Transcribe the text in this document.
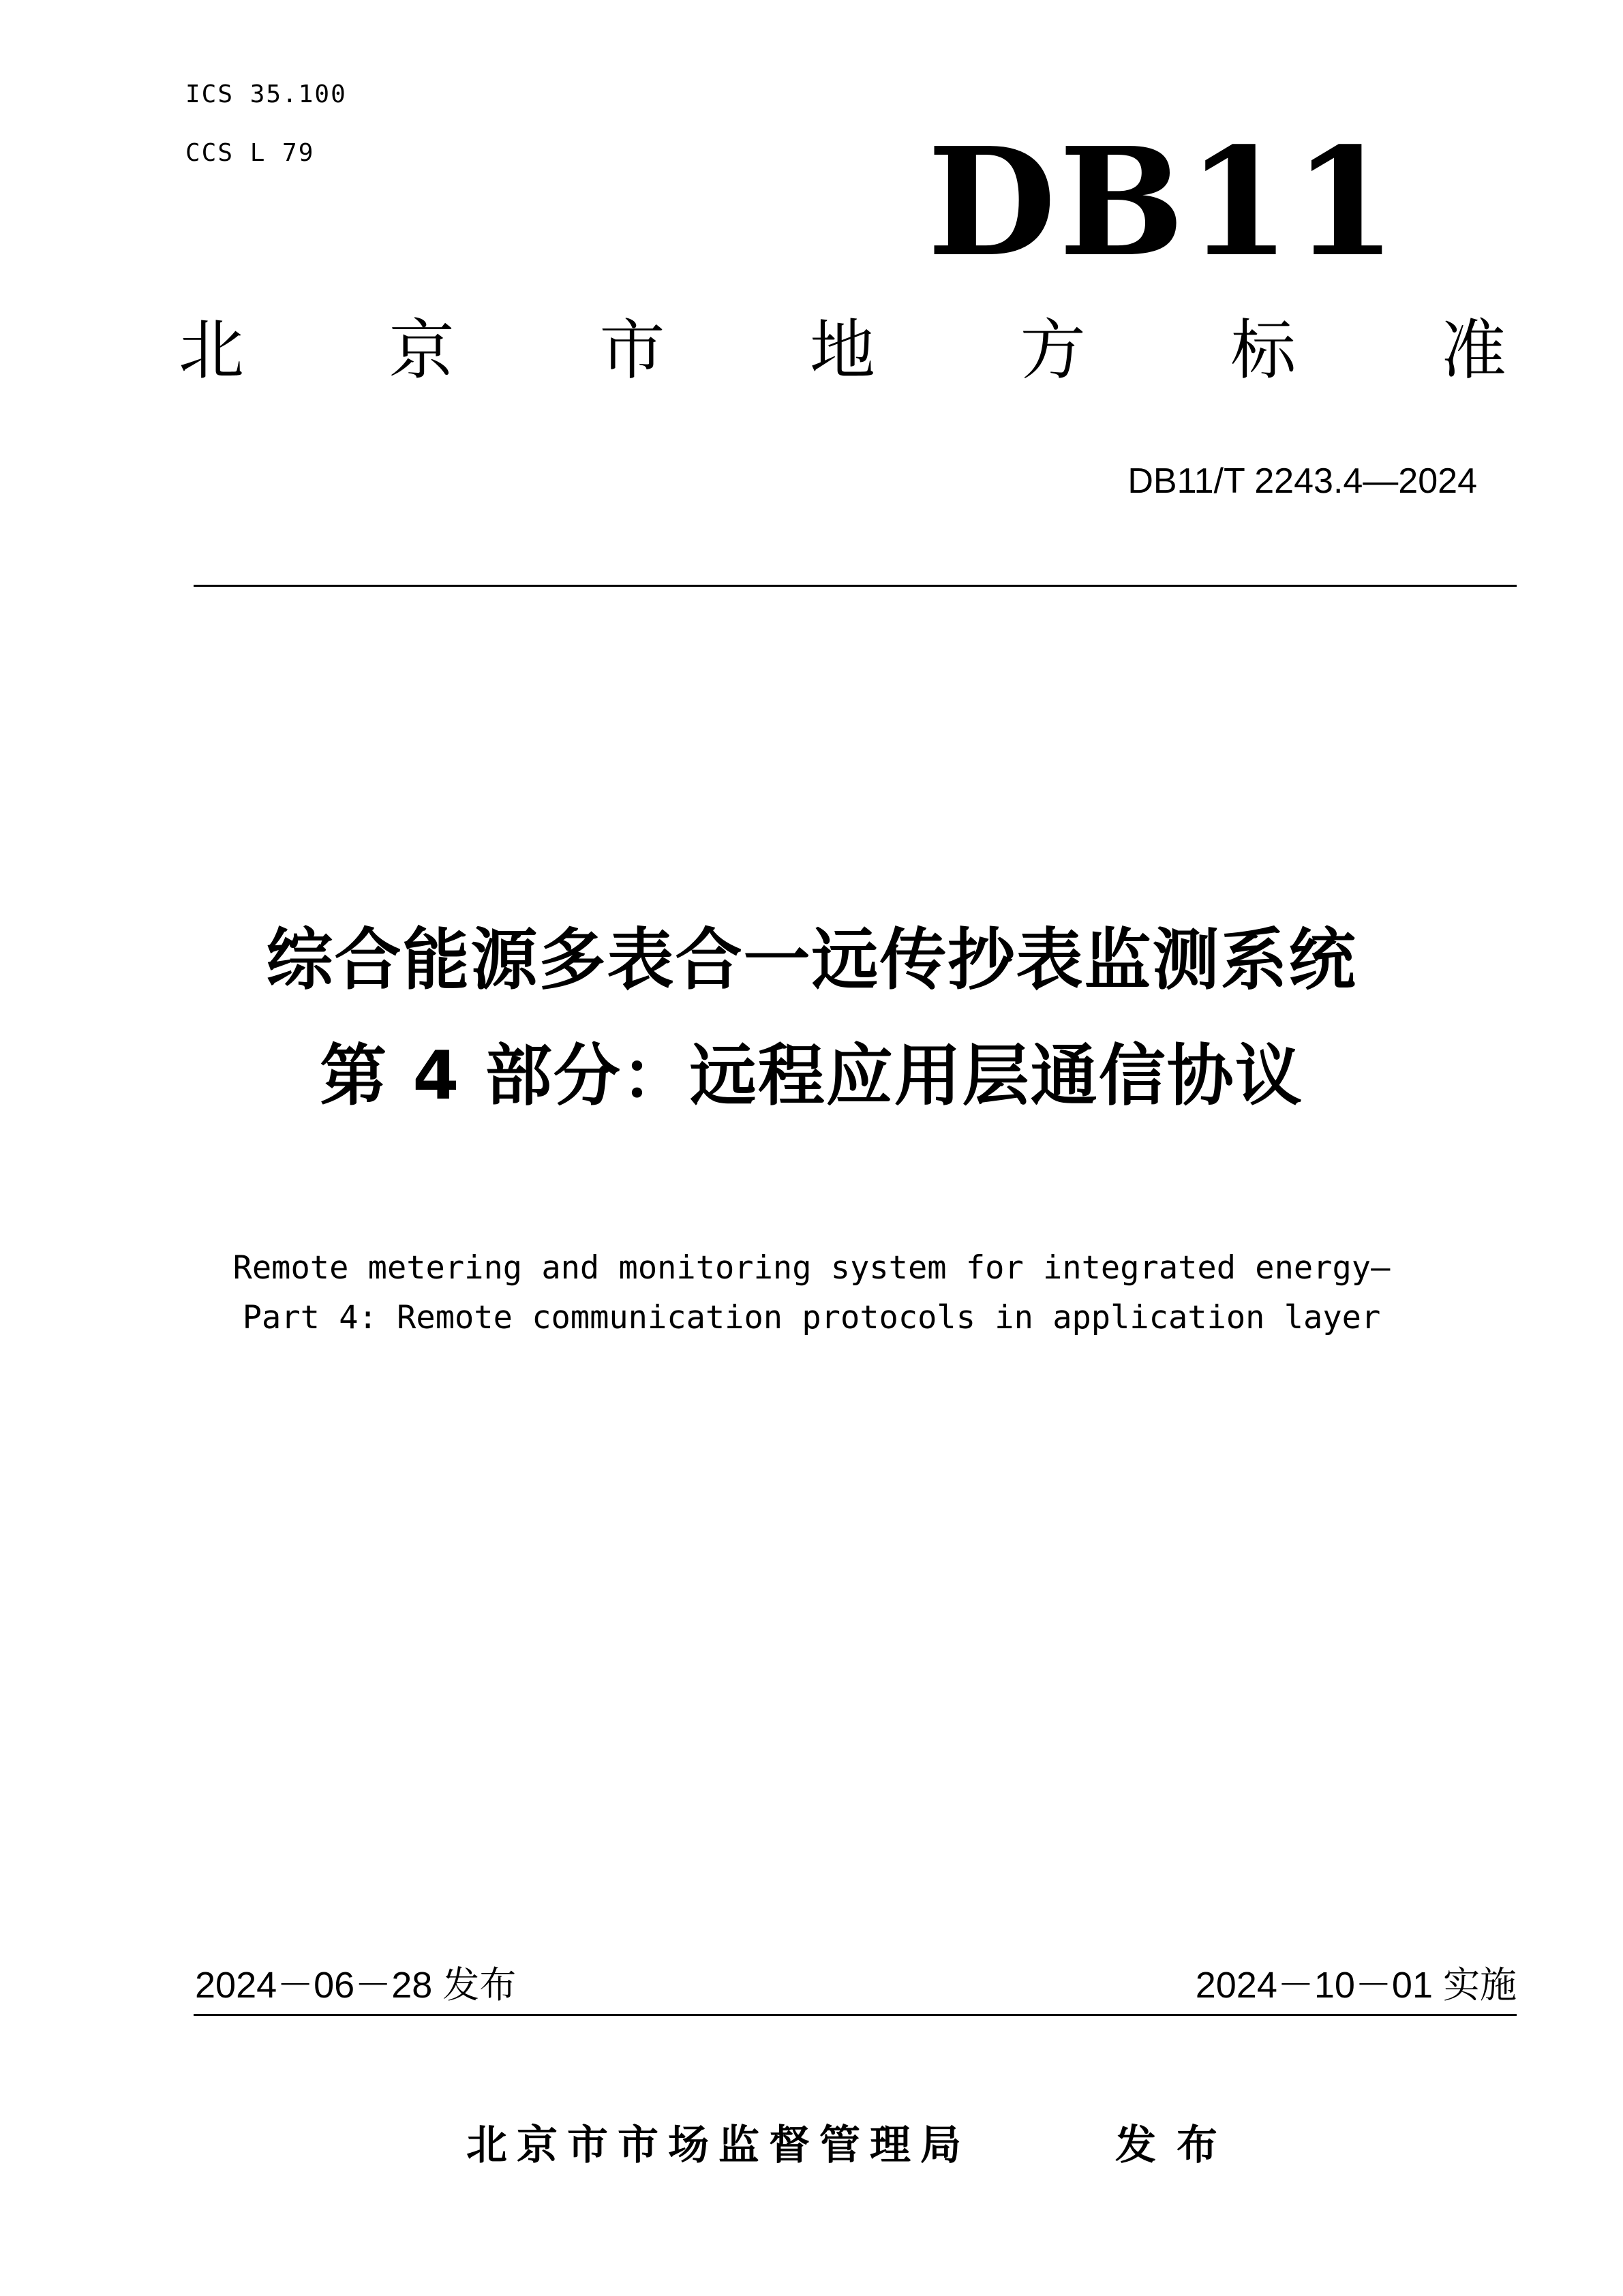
ICS 35.100
CCS L 79	DB11
北 京 市 地 方 标 准
DB11/T 2243.4—2024
综合能源多表合一远传抄表监测系统
第 4 部分：远程应用层通信协议
Remote metering and monitoring system for integrated energy—
Part 4: Remote communication protocols in application layer
2024－06－28 发布	2024－10－01 实施
北京市市场监督管理局	发布
